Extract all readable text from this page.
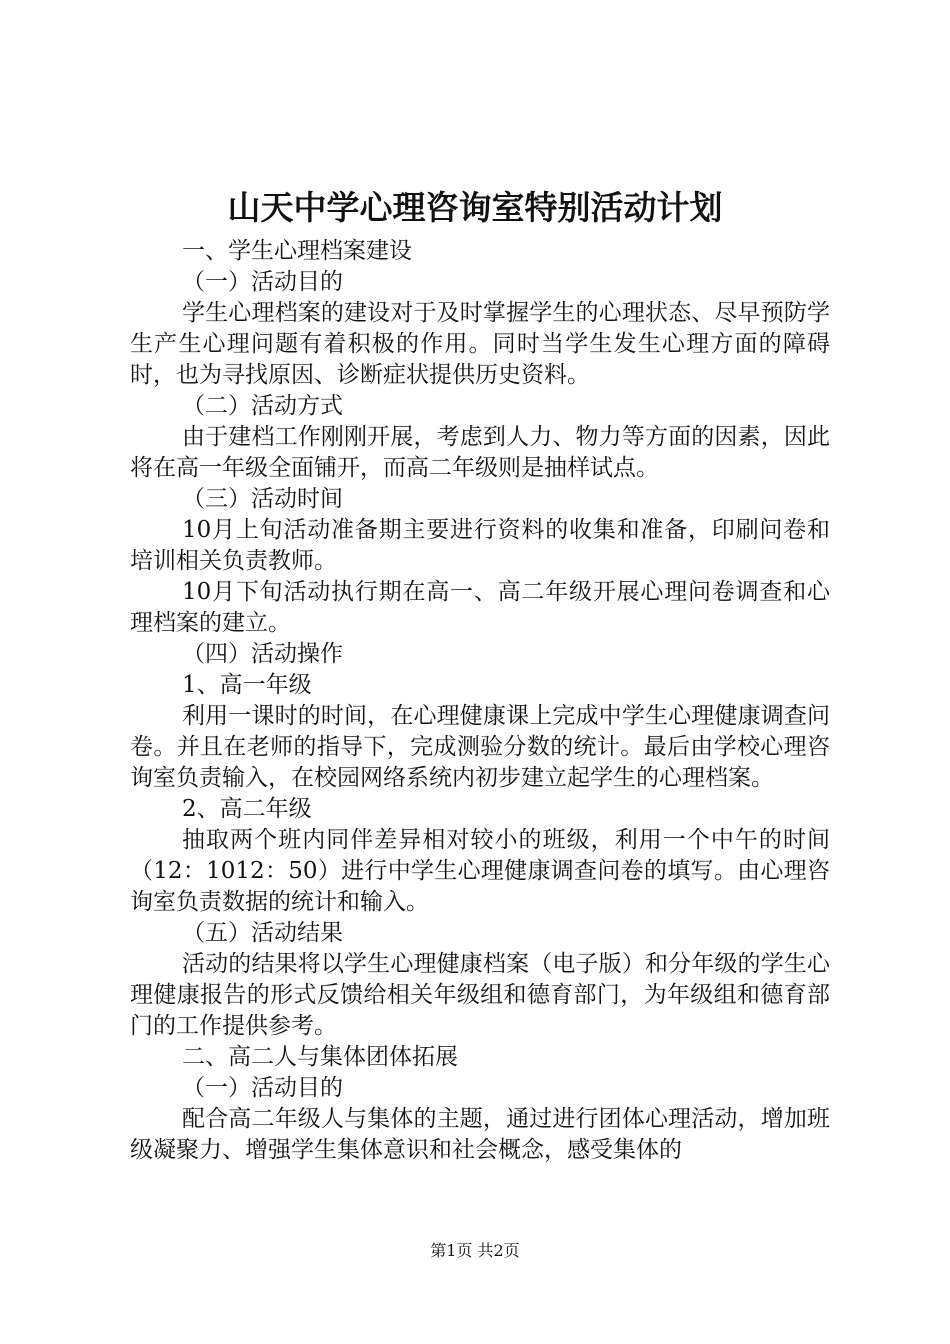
山天中学心理咨询室特别活动计划

一、学生心理档案建设

（一）活动目的

学生心理档案的建设对于及时掌握学生的心理状态、尽早预防学生产生心理问题有着积极的作用。同时当学生发生心理方面的障碍时，也为寻找原因、诊断症状提供历史资料。

（二）活动方式

由于建档工作刚刚开展，考虑到人力、物力等方面的因素，因此将在高一年级全面铺开，而高二年级则是抽样试点。

（三）活动时间

10月上旬活动准备期主要进行资料的收集和准备，印刷问卷和培训相关负责教师。

10月下旬活动执行期在高一、高二年级开展心理问卷调查和心理档案的建立。

（四）活动操作

1、高一年级

利用一课时的时间，在心理健康课上完成中学生心理健康调查问卷。并且在老师的指导下，完成测验分数的统计。最后由学校心理咨询室负责输入，在校园网络系统内初步建立起学生的心理档案。

2、高二年级

抽取两个班内同伴差异相对较小的班级，利用一个中午的时间（12：1012：50）进行中学生心理健康调查问卷的填写。由心理咨询室负责数据的统计和输入。

（五）活动结果

活动的结果将以学生心理健康档案（电子版）和分年级的学生心理健康报告的形式反馈给相关年级组和德育部门，为年级组和德育部门的工作提供参考。

二、高二人与集体团体拓展

（一）活动目的

配合高二年级人与集体的主题，通过进行团体心理活动，增加班级凝聚力、增强学生集体意识和社会概念，感受集体的

第1页 共2页
